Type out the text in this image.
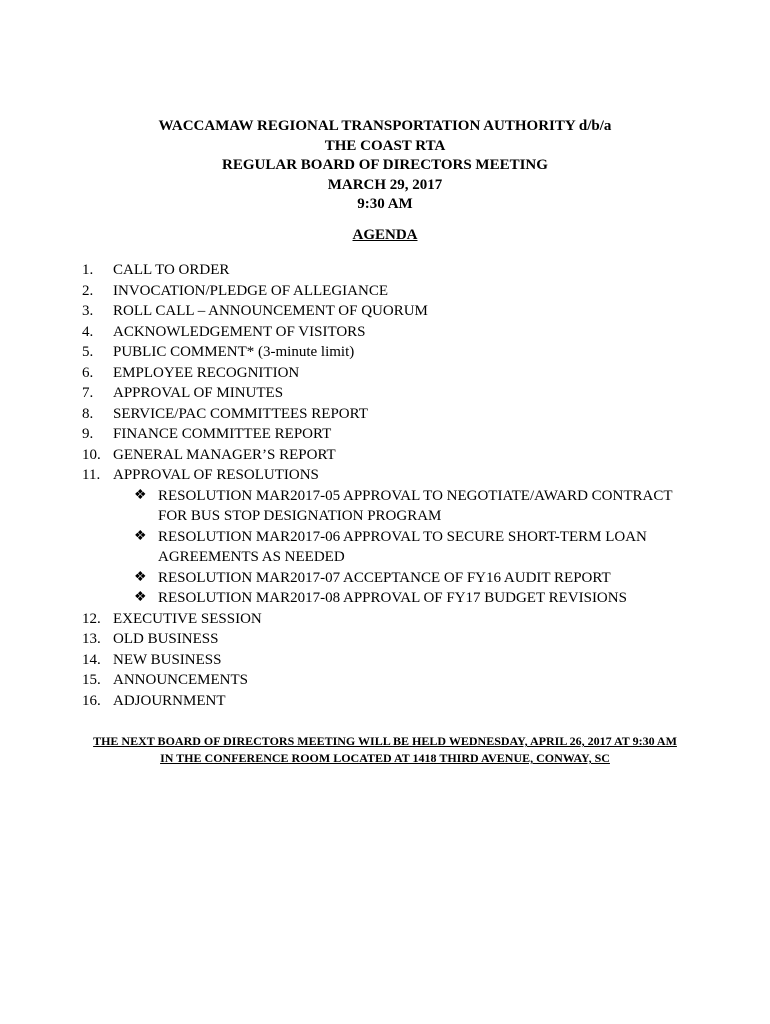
WACCAMAW REGIONAL TRANSPORTATION AUTHORITY d/b/a
THE COAST RTA
REGULAR BOARD OF DIRECTORS MEETING
MARCH 29, 2017
9:30 AM
AGENDA
1. CALL TO ORDER
2. INVOCATION/PLEDGE OF ALLEGIANCE
3. ROLL CALL – ANNOUNCEMENT OF QUORUM
4. ACKNOWLEDGEMENT OF VISITORS
5. PUBLIC COMMENT* (3-minute limit)
6. EMPLOYEE RECOGNITION
7. APPROVAL OF MINUTES
8. SERVICE/PAC COMMITTEES REPORT
9. FINANCE COMMITTEE REPORT
10. GENERAL MANAGER’S REPORT
11. APPROVAL OF RESOLUTIONS
❖ RESOLUTION MAR2017-05 APPROVAL TO NEGOTIATE/AWARD CONTRACT
FOR BUS STOP DESIGNATION PROGRAM
❖ RESOLUTION MAR2017-06 APPROVAL TO SECURE SHORT-TERM LOAN
AGREEMENTS AS NEEDED
❖ RESOLUTION MAR2017-07 ACCEPTANCE OF FY16 AUDIT REPORT
❖ RESOLUTION MAR2017-08 APPROVAL OF FY17 BUDGET REVISIONS
12. EXECUTIVE SESSION
13. OLD BUSINESS
14. NEW BUSINESS
15. ANNOUNCEMENTS
16. ADJOURNMENT
THE NEXT BOARD OF DIRECTORS MEETING WILL BE HELD WEDNESDAY, APRIL 26, 2017 AT 9:30 AM
IN THE CONFERENCE ROOM LOCATED AT 1418 THIRD AVENUE, CONWAY, SC
